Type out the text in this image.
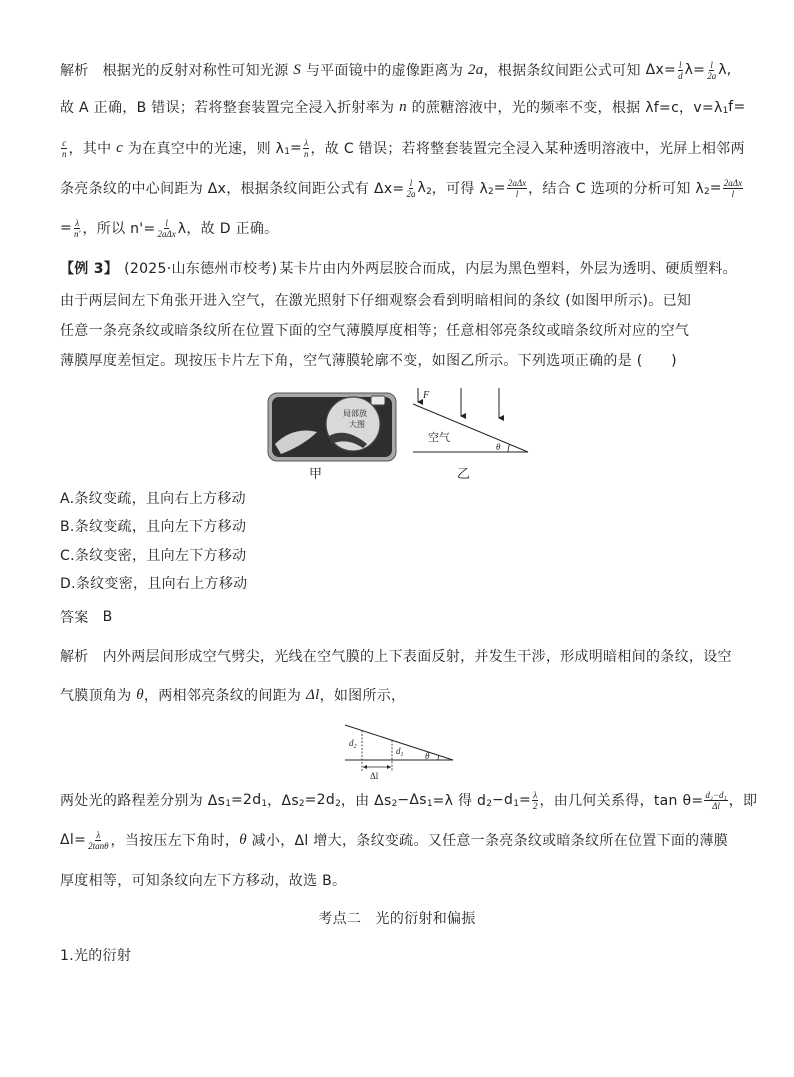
解析 根据光的反射对称性可知光源 S 与平面镜中的虚像距离为 2a ，根据条纹间距公式可知 $\Delta x= \frac{l}{d} \lambda= \frac{l}{2a} \lambda$,
故 A 正确，B 错误；若将整套装置完全浸入折射率为 n 的蔗糖溶液中，光的频率不变，根据 λf=c，v=λ 1 f=
$\frac{c}{n}$ ，其中 c 为在真空中的光速，则 λ $1 = \frac{\lambda}{n}$ ，故 C 错误；若将整套装置完全浸入某种透明溶液中，光屏上相邻两
条亮条纹的中心间距为 Δx，根据条纹间距公式有 $\Delta x= \frac{l}{2a}$ λ 2 ，可得 λ $2 = \frac{\text{2aΔx}}{l}$ ，结合 C 选项的分析可知 λ $2 = \frac{\text{2aΔx}}{l}$
= $\frac{\lambda}{n'}$ ，所以 $n'= \frac{l}{\text{2aΔx}}$ λ，故 D 正确。
【例 3】 (2025·山东德州市校考) 某卡片由内外两层胶合而成，内层为黑色塑料，外层为透明、硬质塑料。
由于两层间左下角张开进入空气，在激光照射下仔细观察会看到明暗相间的条纹 (如图甲所示)。已知
任意一条亮条纹或暗条纹所在位置下面的空气薄膜厚度相等；任意相邻亮条纹或暗条纹所对应的空气
薄膜厚度差恒定。现按压卡片左下角，空气薄膜轮廓不变，如图乙所示。下列选项正确的是 (　　)
局部放
大图
甲
F
空气
θ
乙
A.条纹变疏，且向右上方移动
B.条纹变疏，且向左下方移动
C.条纹变密，且向左下方移动
D.条纹变密，且向右上方移动
答案 B
解析 内外两层间形成空气劈尖，光线在空气膜的上下表面反射，并发生干涉，形成明暗相间的条纹，设空
气膜顶角为 θ ，两相邻亮条纹的间距为 Δl ，如图所示，
$d_2$	$d_1$ θ
Δl
两处光的路程差分别为 Δs 1 =2d 1 ，Δs 2 =2d 2 ，由 Δs 2 −Δs 1 =λ 得 d 2 −d $1 = \frac{\lambda}{2}$ ，由几何关系得，$\tan \theta= \frac{\text{d₂−d₁}}{\Delta l}$ ，即
$\Delta l= \frac{\lambda}{2\tan\theta}$ ，当按压左下角时， θ 减小，Δl 增大，条纹变疏。又任意一条亮条纹或暗条纹所在位置下面的薄膜
厚度相等，可知条纹向左下方移动，故选 B。
考点二　光的衍射和偏振
1.光的衍射
